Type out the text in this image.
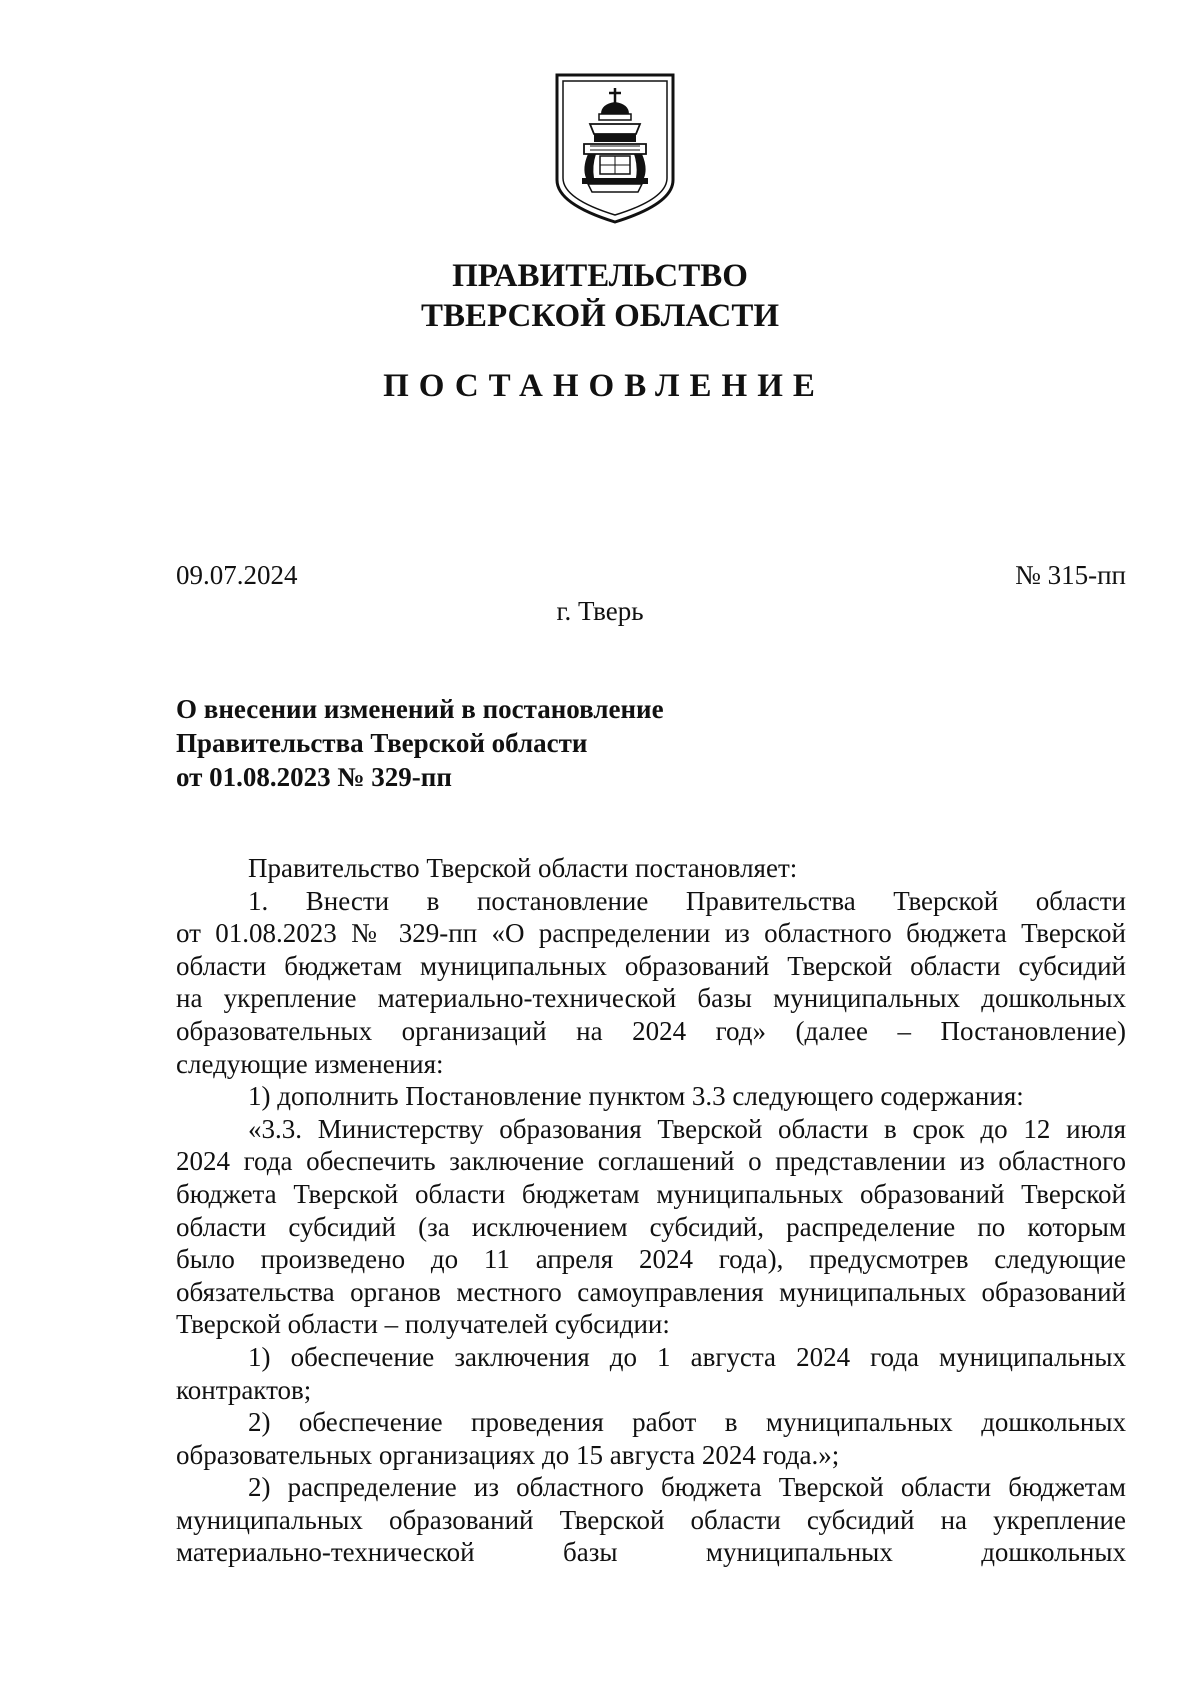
ПРАВИТЕЛЬСТВО
ТВЕРСКОЙ ОБЛАСТИ
ПОСТАНОВЛЕНИЕ
09.07.2024	№ 315-пп
г. Тверь
О внесении изменений в постановление
Правительства Тверской области
от 01.08.2023 № 329-пп
Правительство Тверской области постановляет:
1. Внести в постановление Правительства Тверской области
от 01.08.2023 № 329-пп «О распределении из областного бюджета Тверской
области бюджетам муниципальных образований Тверской области субсидий
на укрепление материально-технической базы муниципальных дошкольных
образовательных организаций на 2024 год» (далее – Постановление)
следующие изменения:
1) дополнить Постановление пунктом 3.3 следующего содержания:
«3.3. Министерству образования Тверской области в срок до 12 июля
2024 года обеспечить заключение соглашений о представлении из областного
бюджета Тверской области бюджетам муниципальных образований Тверской
области субсидий (за исключением субсидий, распределение по которым
было произведено до 11 апреля 2024 года), предусмотрев следующие
обязательства органов местного самоуправления муниципальных образований
Тверской области – получателей субсидии:
1) обеспечение заключения до 1 августа 2024 года муниципальных
контрактов;
2) обеспечение проведения работ в муниципальных дошкольных
образовательных организациях до 15 августа 2024 года.»;
2) распределение из областного бюджета Тверской области бюджетам
муниципальных образований Тверской области субсидий на укрепление
материально-технической базы муниципальных дошкольных
